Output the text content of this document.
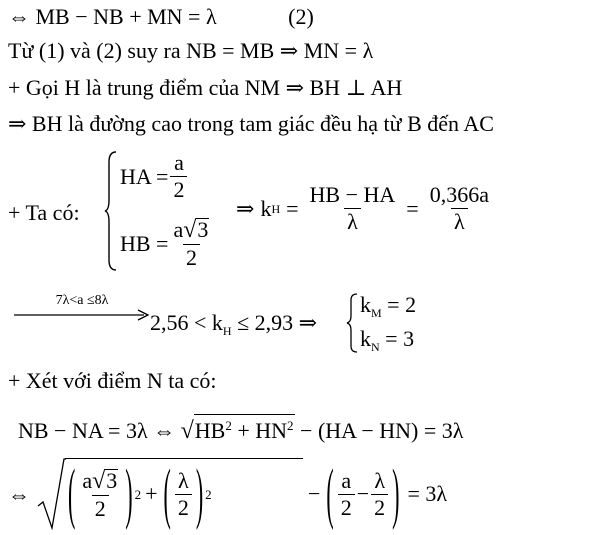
⇔ MB − NB + MN = λ	(2)
Từ (1) và (2) suy ra NB = MB ⇒ MN = λ
+ Gọi H là trung điểm của NM ⇒ BH ⊥ AH
⇒ BH là đường cao trong tam giác đều hạ từ B đến AC
+ Ta có:
HA = $\frac{a}{2}$
HB = $\frac{a√3}{2}$
⇒ k $H = \frac{HB - HA}{\lambda} = \frac{0,366a}{\lambda}$
7λ<a ≤8λ
$2,56 < k_H \le 2,93$ ⇒
$k_M = 2$
$k_N = 3$
+ Xét với điểm N ta có:
NB − NA = 3λ ⇔ $√HB^2 + HN^2 - (HA - HN) = 3\lambda$
⇔ ( $\frac{a√3}{2}$ ) 2 + ( $\frac{\lambda}{2}$ ) 2	− ( $\frac{a}{2} - \frac{\lambda}{2}$ ) = 3λ
